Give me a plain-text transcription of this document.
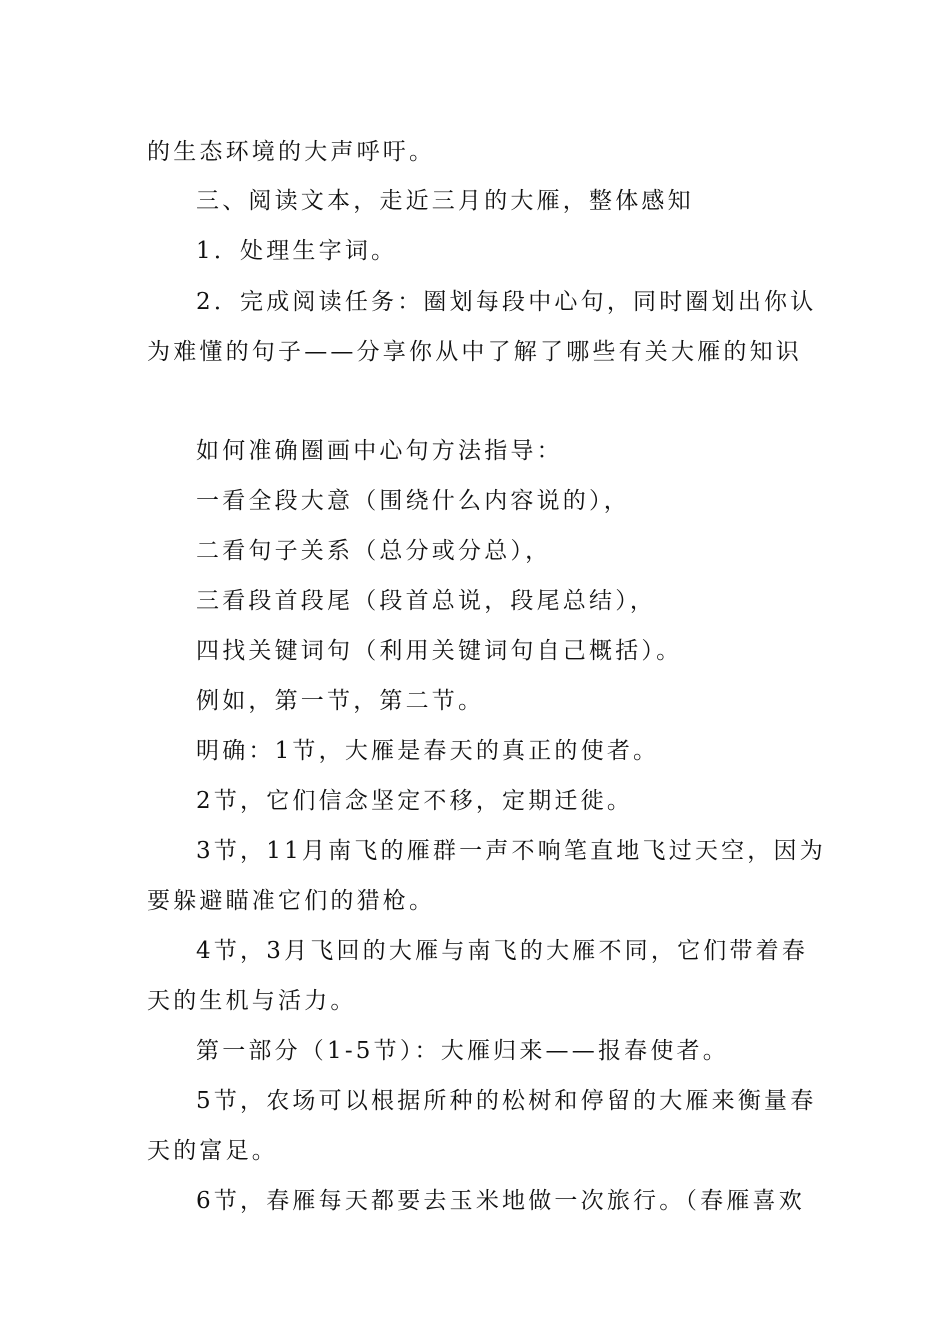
的生态环境的大声呼吁。
三、阅读文本，走近三月的大雁，整体感知
1．处理生字词。
2．完成阅读任务：圈划每段中心句，同时圈划出你认
为难懂的句子——分享你从中了解了哪些有关大雁的知识
如何准确圈画中心句方法指导：
一看全段大意（围绕什么内容说的），
二看句子关系（总分或分总），
三看段首段尾（段首总说，段尾总结），
四找关键词句（利用关键词句自己概括）。
例如，第一节，第二节。
明确：1节，大雁是春天的真正的使者。
2节，它们信念坚定不移，定期迁徙。
3节，11月南飞的雁群一声不响笔直地飞过天空，因为
要躲避瞄准它们的猎枪。
4节，3月飞回的大雁与南飞的大雁不同，它们带着春
天的生机与活力。
第一部分（1-5节）：大雁归来——报春使者。
5节，农场可以根据所种的松树和停留的大雁来衡量春
天的富足。
6节，春雁每天都要去玉米地做一次旅行。（春雁喜欢
